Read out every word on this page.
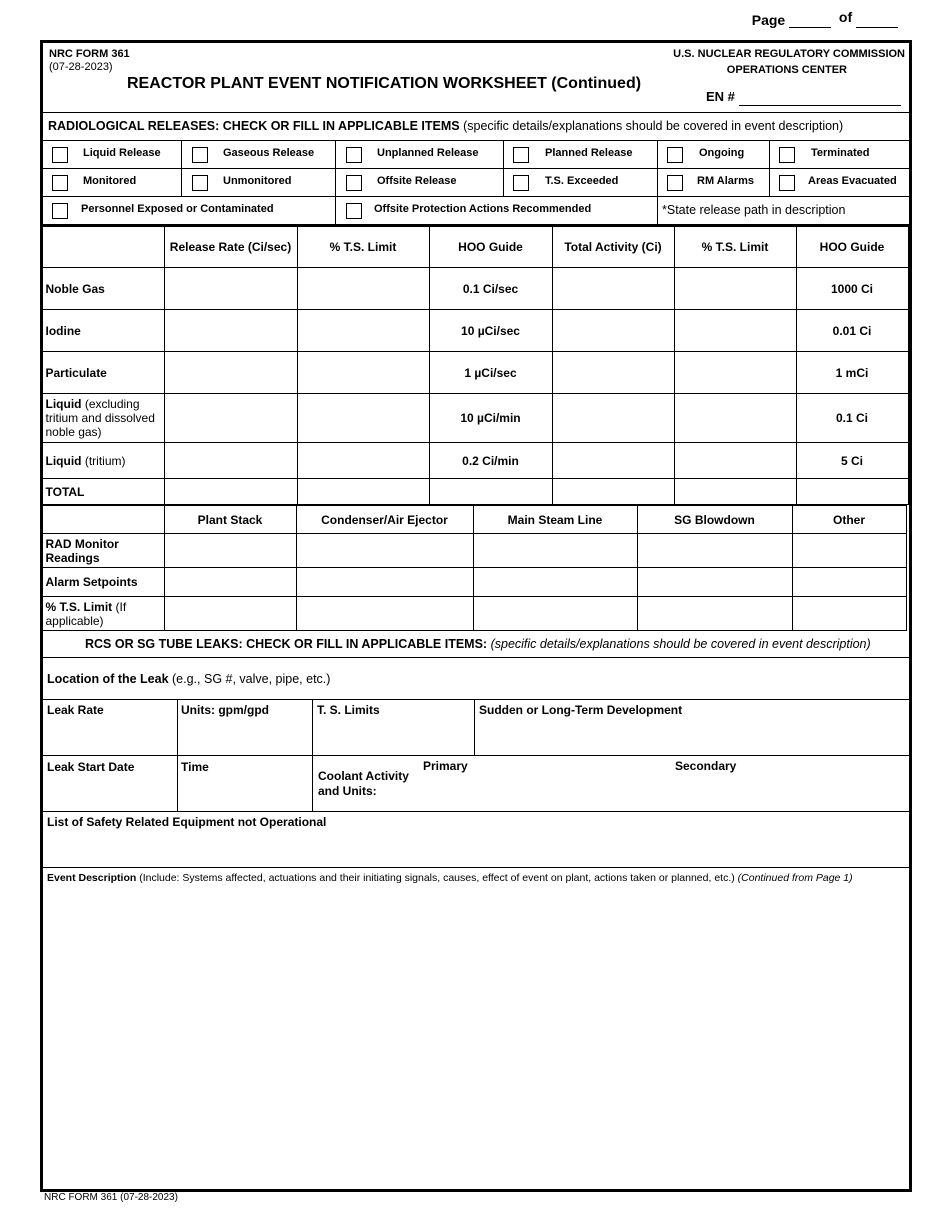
Page	of
NRC FORM 361
(07-28-2023)
REACTOR PLANT EVENT NOTIFICATION WORKSHEET (Continued)
U.S. NUCLEAR REGULATORY COMMISSION
OPERATIONS CENTER
EN #
RADIOLOGICAL RELEASES: CHECK OR FILL IN APPLICABLE ITEMS (specific details/explanations should be covered in event description)
Liquid Release	Gaseous Release	Unplanned Release	Planned Release	Ongoing	Terminated
Monitored	Unmonitored	Offsite Release	T.S. Exceeded	RM Alarms	Areas Evacuated
Personnel Exposed or Contaminated	Offsite Protection Actions Recommended	*State release path in description
	Release Rate (Ci/sec)	% T.S. Limit	HOO Guide	Total Activity (Ci)	% T.S. Limit	HOO Guide
Noble Gas			0.1 Ci/sec			1000 Ci
Iodine			10 µCi/sec			0.01 Ci
Particulate			1 µCi/sec			1 mCi
Liquid (excluding tritium and dissolved noble gas)			10 µCi/min			0.1 Ci
Liquid (tritium)			0.2 Ci/min			5 Ci
TOTAL						
	Plant Stack	Condenser/Air Ejector	Main Steam Line	SG Blowdown	Other
RAD Monitor Readings					
Alarm Setpoints					
% T.S. Limit (If applicable)					
RCS OR SG TUBE LEAKS: CHECK OR FILL IN APPLICABLE ITEMS: (specific details/explanations should be covered in event description)
Location of the Leak (e.g., SG #, valve, pipe, etc.)
Leak Rate	Units: gpm/gpd	T. S. Limits	Sudden or Long-Term Development
Leak Start Date	Time
Coolant Activity
and Units:
Primary	Secondary
List of Safety Related Equipment not Operational
Event Description (Include: Systems affected, actuations and their initiating signals, causes, effect of event on plant, actions taken or planned, etc.) (Continued from Page 1)
NRC FORM 361 (07-28-2023)
